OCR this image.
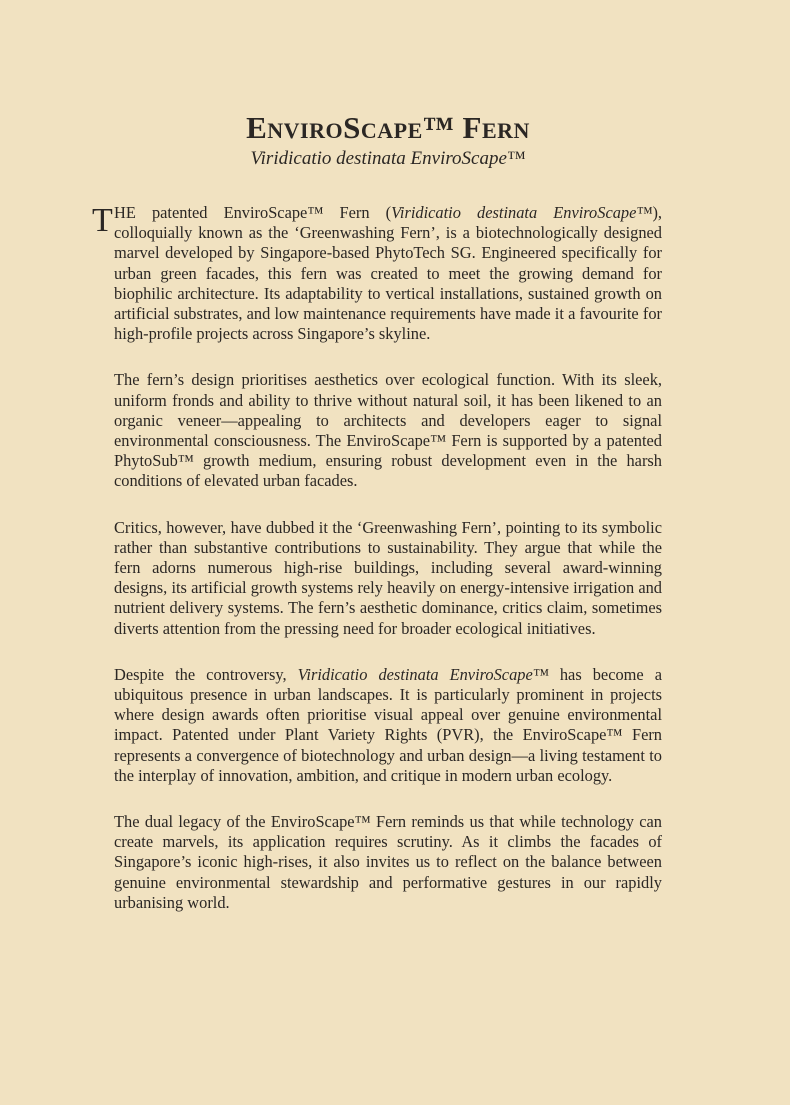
EnviroScape™ Fern
Viridicatio destinata EnviroScape™

THE patented EnviroScape™ Fern (Viridicatio destinata EnviroScape™), colloquially known as the ‘Greenwashing Fern’, is a biotechnologically designed marvel developed by Singapore-based PhytoTech SG. Engineered specifically for urban green facades, this fern was created to meet the growing demand for biophilic architecture. Its adaptability to vertical installations, sustained growth on artificial substrates, and low maintenance requirements have made it a favourite for high-profile projects across Singapore’s skyline.

The fern’s design prioritises aesthetics over ecological function. With its sleek, uniform fronds and ability to thrive without natural soil, it has been likened to an organic veneer—appealing to architects and developers eager to signal environmental consciousness. The EnviroScape™ Fern is supported by a patented PhytoSub™ growth medium, ensuring robust development even in the harsh conditions of elevated urban facades.

Critics, however, have dubbed it the ‘Greenwashing Fern’, pointing to its symbolic rather than substantive contributions to sustainability. They argue that while the fern adorns numerous high-rise buildings, including several award-winning designs, its artificial growth systems rely heavily on energy-intensive irrigation and nutrient delivery systems. The fern’s aesthetic dominance, critics claim, sometimes diverts attention from the pressing need for broader ecological initiatives.

Despite the controversy, Viridicatio destinata EnviroScape™ has become a ubiquitous presence in urban landscapes. It is particularly prominent in projects where design awards often prioritise visual appeal over genuine environmental impact. Patented under Plant Variety Rights (PVR), the EnviroScape™ Fern represents a convergence of biotechnology and urban design—a living testament to the interplay of innovation, ambition, and critique in modern urban ecology.

The dual legacy of the EnviroScape™ Fern reminds us that while technology can create marvels, its application requires scrutiny. As it climbs the facades of Singapore’s iconic high-rises, it also invites us to reflect on the balance between genuine environmental stewardship and performative gestures in our rapidly urbanising world.
